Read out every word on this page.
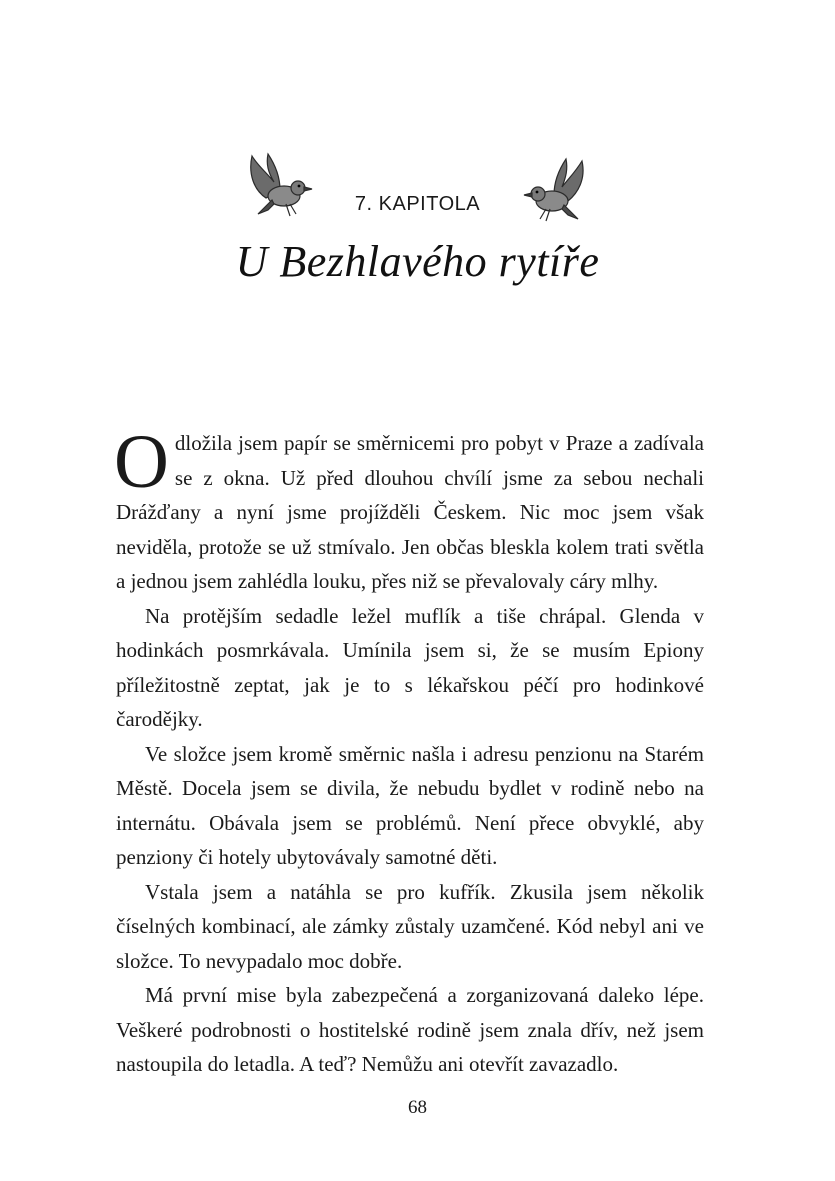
7. KAPITOLA
U Bezhlavého rytíře

Odložila jsem papír se směrnicemi pro pobyt v Praze a zadívala se z okna. Už před dlouhou chvílí jsme za sebou nechali Drážďany a nyní jsme projížděli Českem. Nic moc jsem však neviděla, protože se už stmívalo. Jen občas bleskla kolem trati světla a jednou jsem zahlédla louku, přes niž se převalovaly cáry mlhy.

Na protějším sedadle ležel muflík a tiše chrápal. Glenda v hodinkách posmrkávala. Umínila jsem si, že se musím Epiony příležitostně zeptat, jak je to s lékařskou péčí pro hodinkové čarodějky.

Ve složce jsem kromě směrnic našla i adresu penzionu na Starém Městě. Docela jsem se divila, že nebudu bydlet v rodině nebo na internátu. Obávala jsem se problémů. Není přece obvyklé, aby penziony či hotely ubytovávaly samotné děti.

Vstala jsem a natáhla se pro kufřík. Zkusila jsem několik číselných kombinací, ale zámky zůstaly uzamčené. Kód nebyl ani ve složce. To nevypadalo moc dobře.

Má první mise byla zabezpečená a zorganizovaná daleko lépe. Veškeré podrobnosti o hostitelské rodině jsem znala dřív, než jsem nastoupila do letadla. A teď? Nemůžu ani otevřít zavazadlo.

68
